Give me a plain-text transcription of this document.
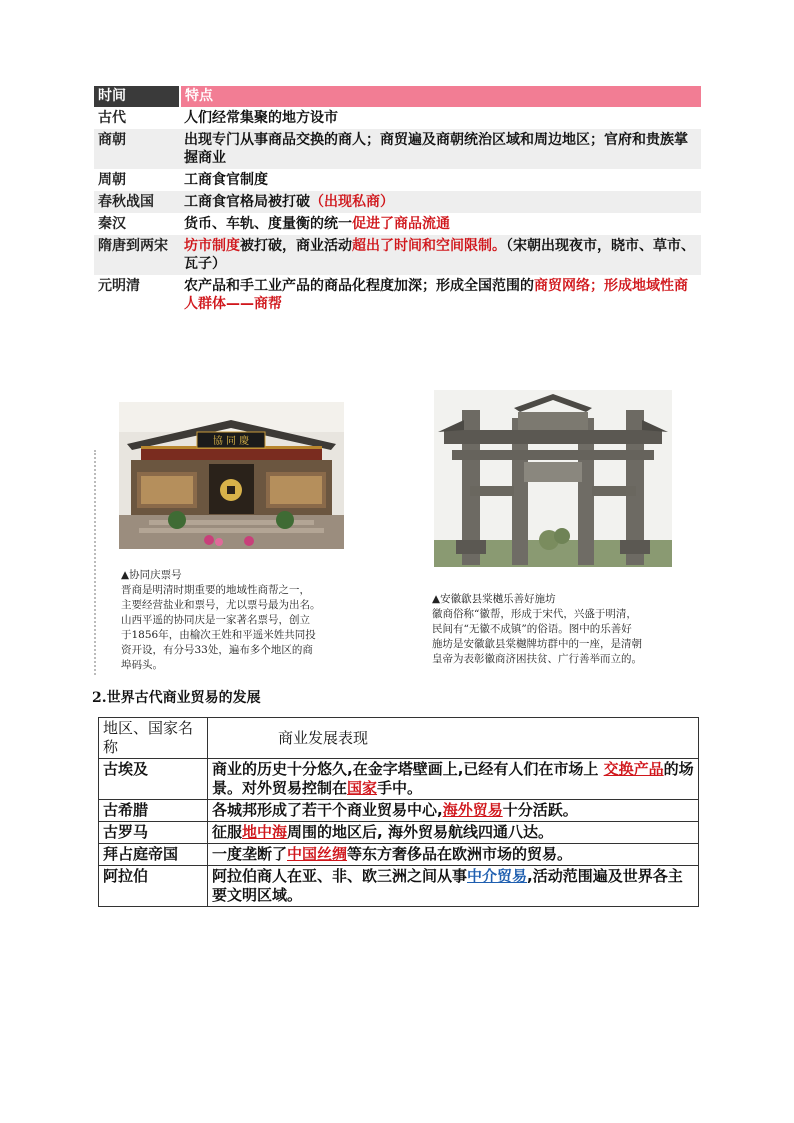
时间	特点
古代	人们经常集聚的地方设市
商朝	出现专门从事商品交换的商人；商贸遍及商朝统治区域和周边地区；官府和贵族掌握商业
周朝	工商食官制度
春秋战国	工商食官格局被打破（出现私商）
秦汉	货币、车轨、度量衡的统一促进了商品流通
隋唐到两宋	坊市制度被打破，商业活动超出了时间和空间限制。（宋朝出现夜市，晓市、草市、瓦子）
元明清	农产品和手工业产品的商品化程度加深；形成全国范围的商贸网络；形成地域性商人群体——商帮
協 同 慶
▲协同庆票号
晋商是明清时期重要的地域性商帮之一，
主要经营盐业和票号，尤以票号最为出名。
山西平遥的协同庆是一家著名票号，创立
于1856年，由榆次王姓和平遥米姓共同投
资开设，有分号33处，遍布多个地区的商
埠码头。
▲安徽歙县棠樾乐善好施坊
徽商俗称“徽帮，形成于宋代，兴盛于明清，
民间有“无徽不成镇”的俗语。图中的乐善好
施坊是安徽歙县棠樾牌坊群中的一座，是清朝
皇帝为表彰徽商济困扶贫、广行善举而立的。
2.世界古代商业贸易的发展
地区、国家名称	商业发展表现
古埃及	商业的历史十分悠久,在金字塔壁画上,已经有人们在市场上 交换产品的场景。对外贸易控制在国家手中。
古希腊	各城邦形成了若干个商业贸易中心,海外贸易十分活跃。
古罗马	征服地中海周围的地区后, 海外贸易航线四通八达。
拜占庭帝国	一度垄断了中国丝绸等东方奢侈品在欧洲市场的贸易。
阿拉伯	阿拉伯商人在亚、非、欧三洲之间从事中介贸易,活动范围遍及世界各主要文明区域。
